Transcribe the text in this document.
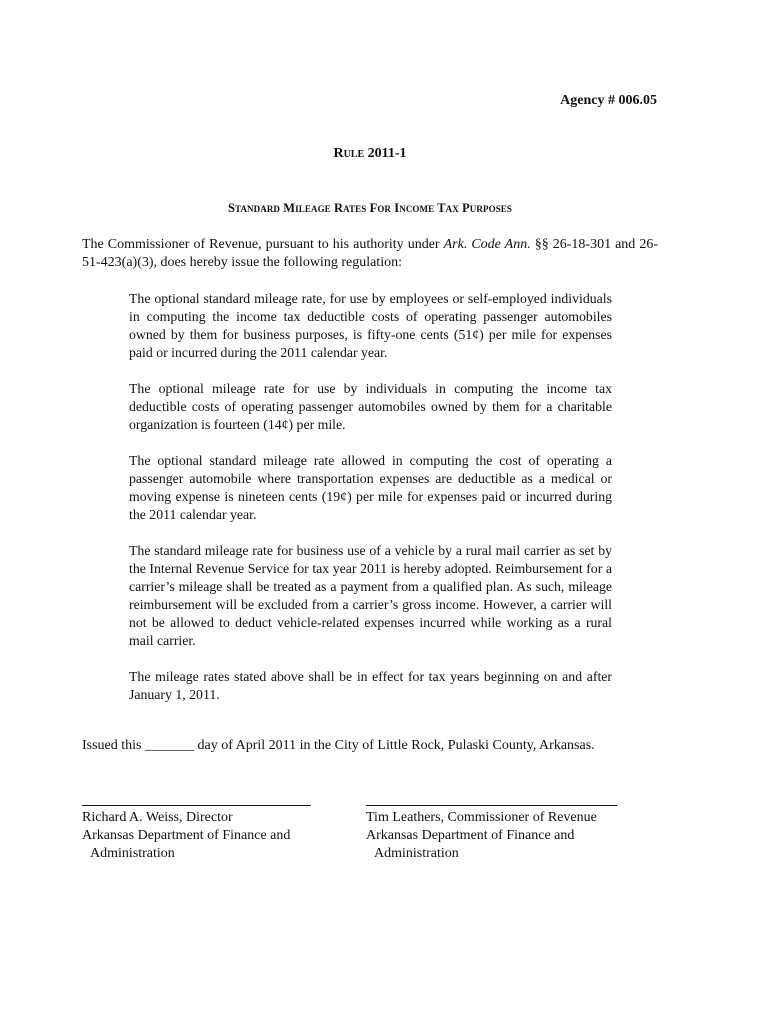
Agency # 006.05
Rule 2011-1
Standard Mileage Rates For Income Tax Purposes
The Commissioner of Revenue, pursuant to his authority under Ark. Code Ann. §§ 26-18-301 and 26-51-423(a)(3), does hereby issue the following regulation:

The optional standard mileage rate, for use by employees or self-employed individuals in computing the income tax deductible costs of operating passenger automobiles owned by them for business purposes, is fifty-one cents (51¢) per mile for expenses paid or incurred during the 2011 calendar year.

The optional mileage rate for use by individuals in computing the income tax deductible costs of operating passenger automobiles owned by them for a charitable organization is fourteen (14¢) per mile.

The optional standard mileage rate allowed in computing the cost of operating a passenger automobile where transportation expenses are deductible as a medical or moving expense is nineteen cents (19¢) per mile for expenses paid or incurred during the 2011 calendar year.

The standard mileage rate for business use of a vehicle by a rural mail carrier as set by the Internal Revenue Service for tax year 2011 is hereby adopted. Reimbursement for a carrier’s mileage shall be treated as a payment from a qualified plan. As such, mileage reimbursement will be excluded from a carrier’s gross income. However, a carrier will not be allowed to deduct vehicle-related expenses incurred while working as a rural mail carrier.

The mileage rates stated above shall be in effect for tax years beginning on and after January 1, 2011.

Issued this _______ day of April 2011 in the City of Little Rock, Pulaski County, Arkansas.
Richard A. Weiss, Director
Arkansas Department of Finance and
Administration
Tim Leathers, Commissioner of Revenue
Arkansas Department of Finance and
Administration
